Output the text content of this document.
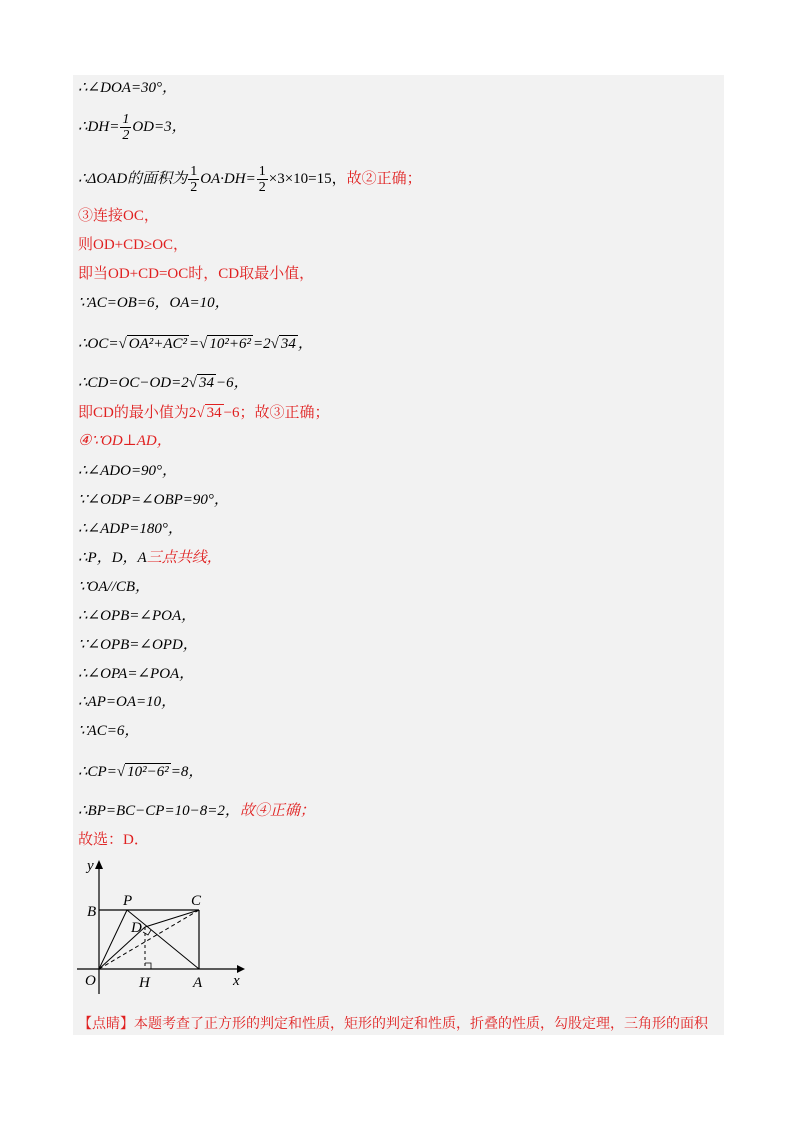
∴∠DOA=30°，
∴DH= $\frac{1}{2} OD=3$，
∴ΔOAD的面积为 $\frac{1}{2} OA\cdot DH= \frac{1}{2} \times 3\times 10=15$，故②正确；
③连接OC，
则OD+CD≥OC，
即当OD+CD=OC时，CD取最小值，
∵AC=OB=6，OA=10，
∴OC=√ OA²+AC² =√ 10²+6² =2√ 34 ，
∴CD=OC−OD=2√ 34 −6，
即CD的最小值为2√ 34 −6；故③正确；
④∵OD⊥AD，
∴∠ADO=90°，
∵∠ODP=∠OBP=90°，
∴∠ADP=180°，
∴P，D，A三点共线，
∵OA//CB，
∴∠OPB=∠POA，
∵∠OPB=∠OPD，
∴∠OPA=∠POA，
∴AP=OA=10，
∵AC=6，
∴CP=√ 10²−6² =8，
∴BP=BC−CP=10−8=2，故④正确；
故选：D．
y
x
O	H	A
B
P	C
D
【点睛】本题考查了正方形的判定和性质，矩形的判定和性质，折叠的性质，勾股定理，三角形的面积
